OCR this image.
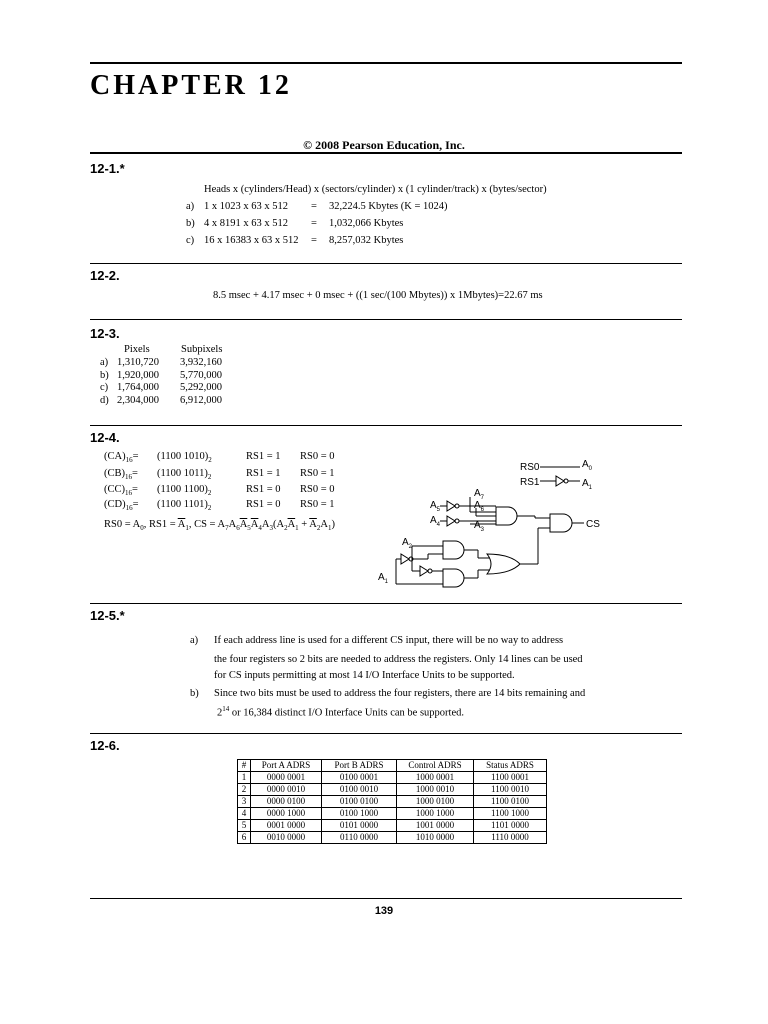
CHAPTER 12
© 2008 Pearson Education, Inc.
12-1.*
Heads x (cylinders/Head) x (sectors/cylinder) x (1 cylinder/track) x (bytes/sector)
a) 1 x 1023 x 63 x 512 = 32,224.5 Kbytes (K = 1024)
b) 4 x 8191 x 63 x 512 = 1,032,066 Kbytes
c) 16 x 16383 x 63 x 512 = 8,257,032 Kbytes
12-2.
8.5 msec + 4.17 msec + 0 msec + ((1 sec/(100 Mbytes)) x 1Mbytes)=22.67 ms
12-3.
Pixels	Subpixels
a) 1,310,720 3,932,160
b) 1,920,000 5,770,000
c) 1,764,000 5,292,000
d) 2,304,000 6,912,000
12-4.
$(CA)_{16}= (1100$ $1010)_2$	RS1 = 1 RS0 = 0
$(CB)_{16}= (1100$ $1011)_2$	RS1 = 1 RS0 = 1
$(CC)_{16}= (1100$ $1100)_2$	RS1 = 0 RS0 = 0
$(CD)_{16}= (1100$ $1101)_2$	RS1 = 0 RS0 = 1
$RS0 = A_0$, $RS1 = \overline{A}_1$, CS = $A_7A_6\overline{A}_5\overline{A}_4A_3(A_2\overline{A}_1 + \overline{A}_2A_1)$
RS0
RS1
CS
$A_0$
$A_1$
$A_7$
$A_6$
$A_5$
$A_4$	$A_3$
$A_2$
$A_1$
12-5.*
a) If each address line is used for a different CS input, there will be no way to address
the four registers so 2 bits are needed to address the registers. Only 14 lines can be used
for CS inputs permitting at most 14 I/O Interface Units to be supported.
b) Since two bits must be used to address the four registers, there are 14 bits remaining and
$2^{14}$ or 16,384 distinct I/O Interface Units can be supported.
12-6.
#	Port A ADRS	Port B ADRS	Control ADRS	Status ADRS
1	0000 0001	0100 0001	1000 0001	1100 0001
2	0000 0010	0100 0010	1000 0010	1100 0010
3	0000 0100	0100 0100	1000 0100	1100 0100
4	0000 1000	0100 1000	1000 1000	1100 1000
5	0001 0000	0101 0000	1001 0000	1101 0000
6	0010 0000	0110 0000	1010 0000	1110 0000
139
